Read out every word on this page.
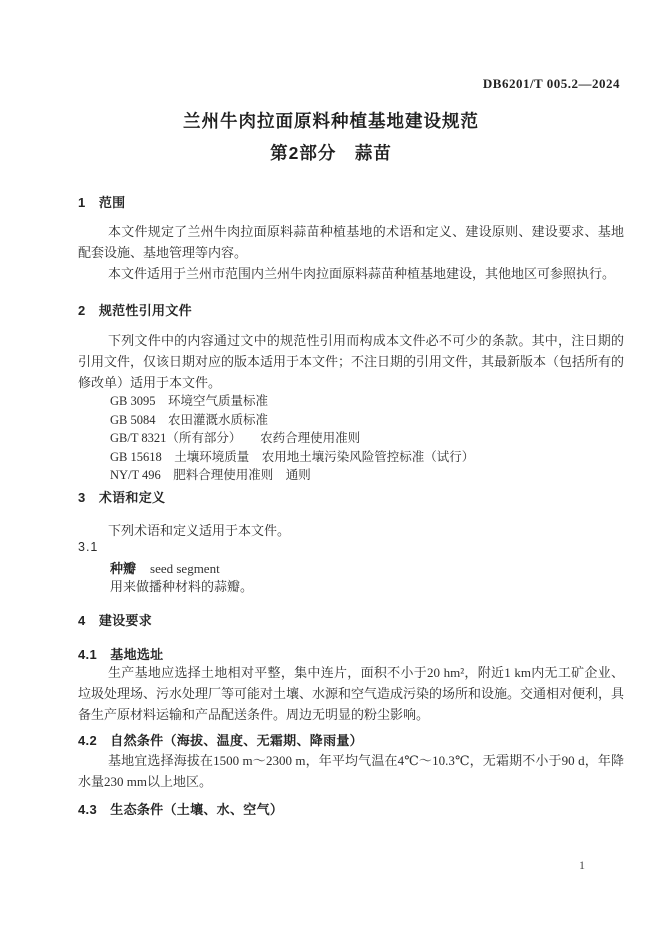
DB6201/T 005.2—2024
兰州牛肉拉面原料种植基地建设规范
第2部分　蒜苗
1　范围
本文件规定了兰州牛肉拉面原料蒜苗种植基地的术语和定义、建设原则、建设要求、基地配套设施、基地管理等内容。
本文件适用于兰州市范围内兰州牛肉拉面原料蒜苗种植基地建设，其他地区可参照执行。
2　规范性引用文件
下列文件中的内容通过文中的规范性引用而构成本文件必不可少的条款。其中，注日期的引用文件，仅该日期对应的版本适用于本文件；不注日期的引用文件，其最新版本（包括所有的修改单）适用于本文件。
GB 3095　环境空气质量标准
GB 5084　农田灌溉水质标准
GB/T 8321（所有部分）　　农药合理使用准则
GB 15618　土壤环境质量　农用地土壤污染风险管控标准（试行）
NY/T 496　肥料合理使用准则　通则
3　术语和定义
下列术语和定义适用于本文件。
3.1
种瓣 seed segment
用来做播种材料的蒜瓣。
4　建设要求
4.1　基地选址
生产基地应选择土地相对平整，集中连片，面积不小于20 hm²，附近1 km内无工矿企业、垃圾处理场、污水处理厂等可能对土壤、水源和空气造成污染的场所和设施。交通相对便利，具备生产原材料运输和产品配送条件。周边无明显的粉尘影响。
4.2　自然条件（海拔、温度、无霜期、降雨量）
基地宜选择海拔在1500 m～2300 m，年平均气温在4℃～10.3℃，无霜期不小于90 d，年降水量230 mm以上地区。
4.3　生态条件（土壤、水、空气）
1
